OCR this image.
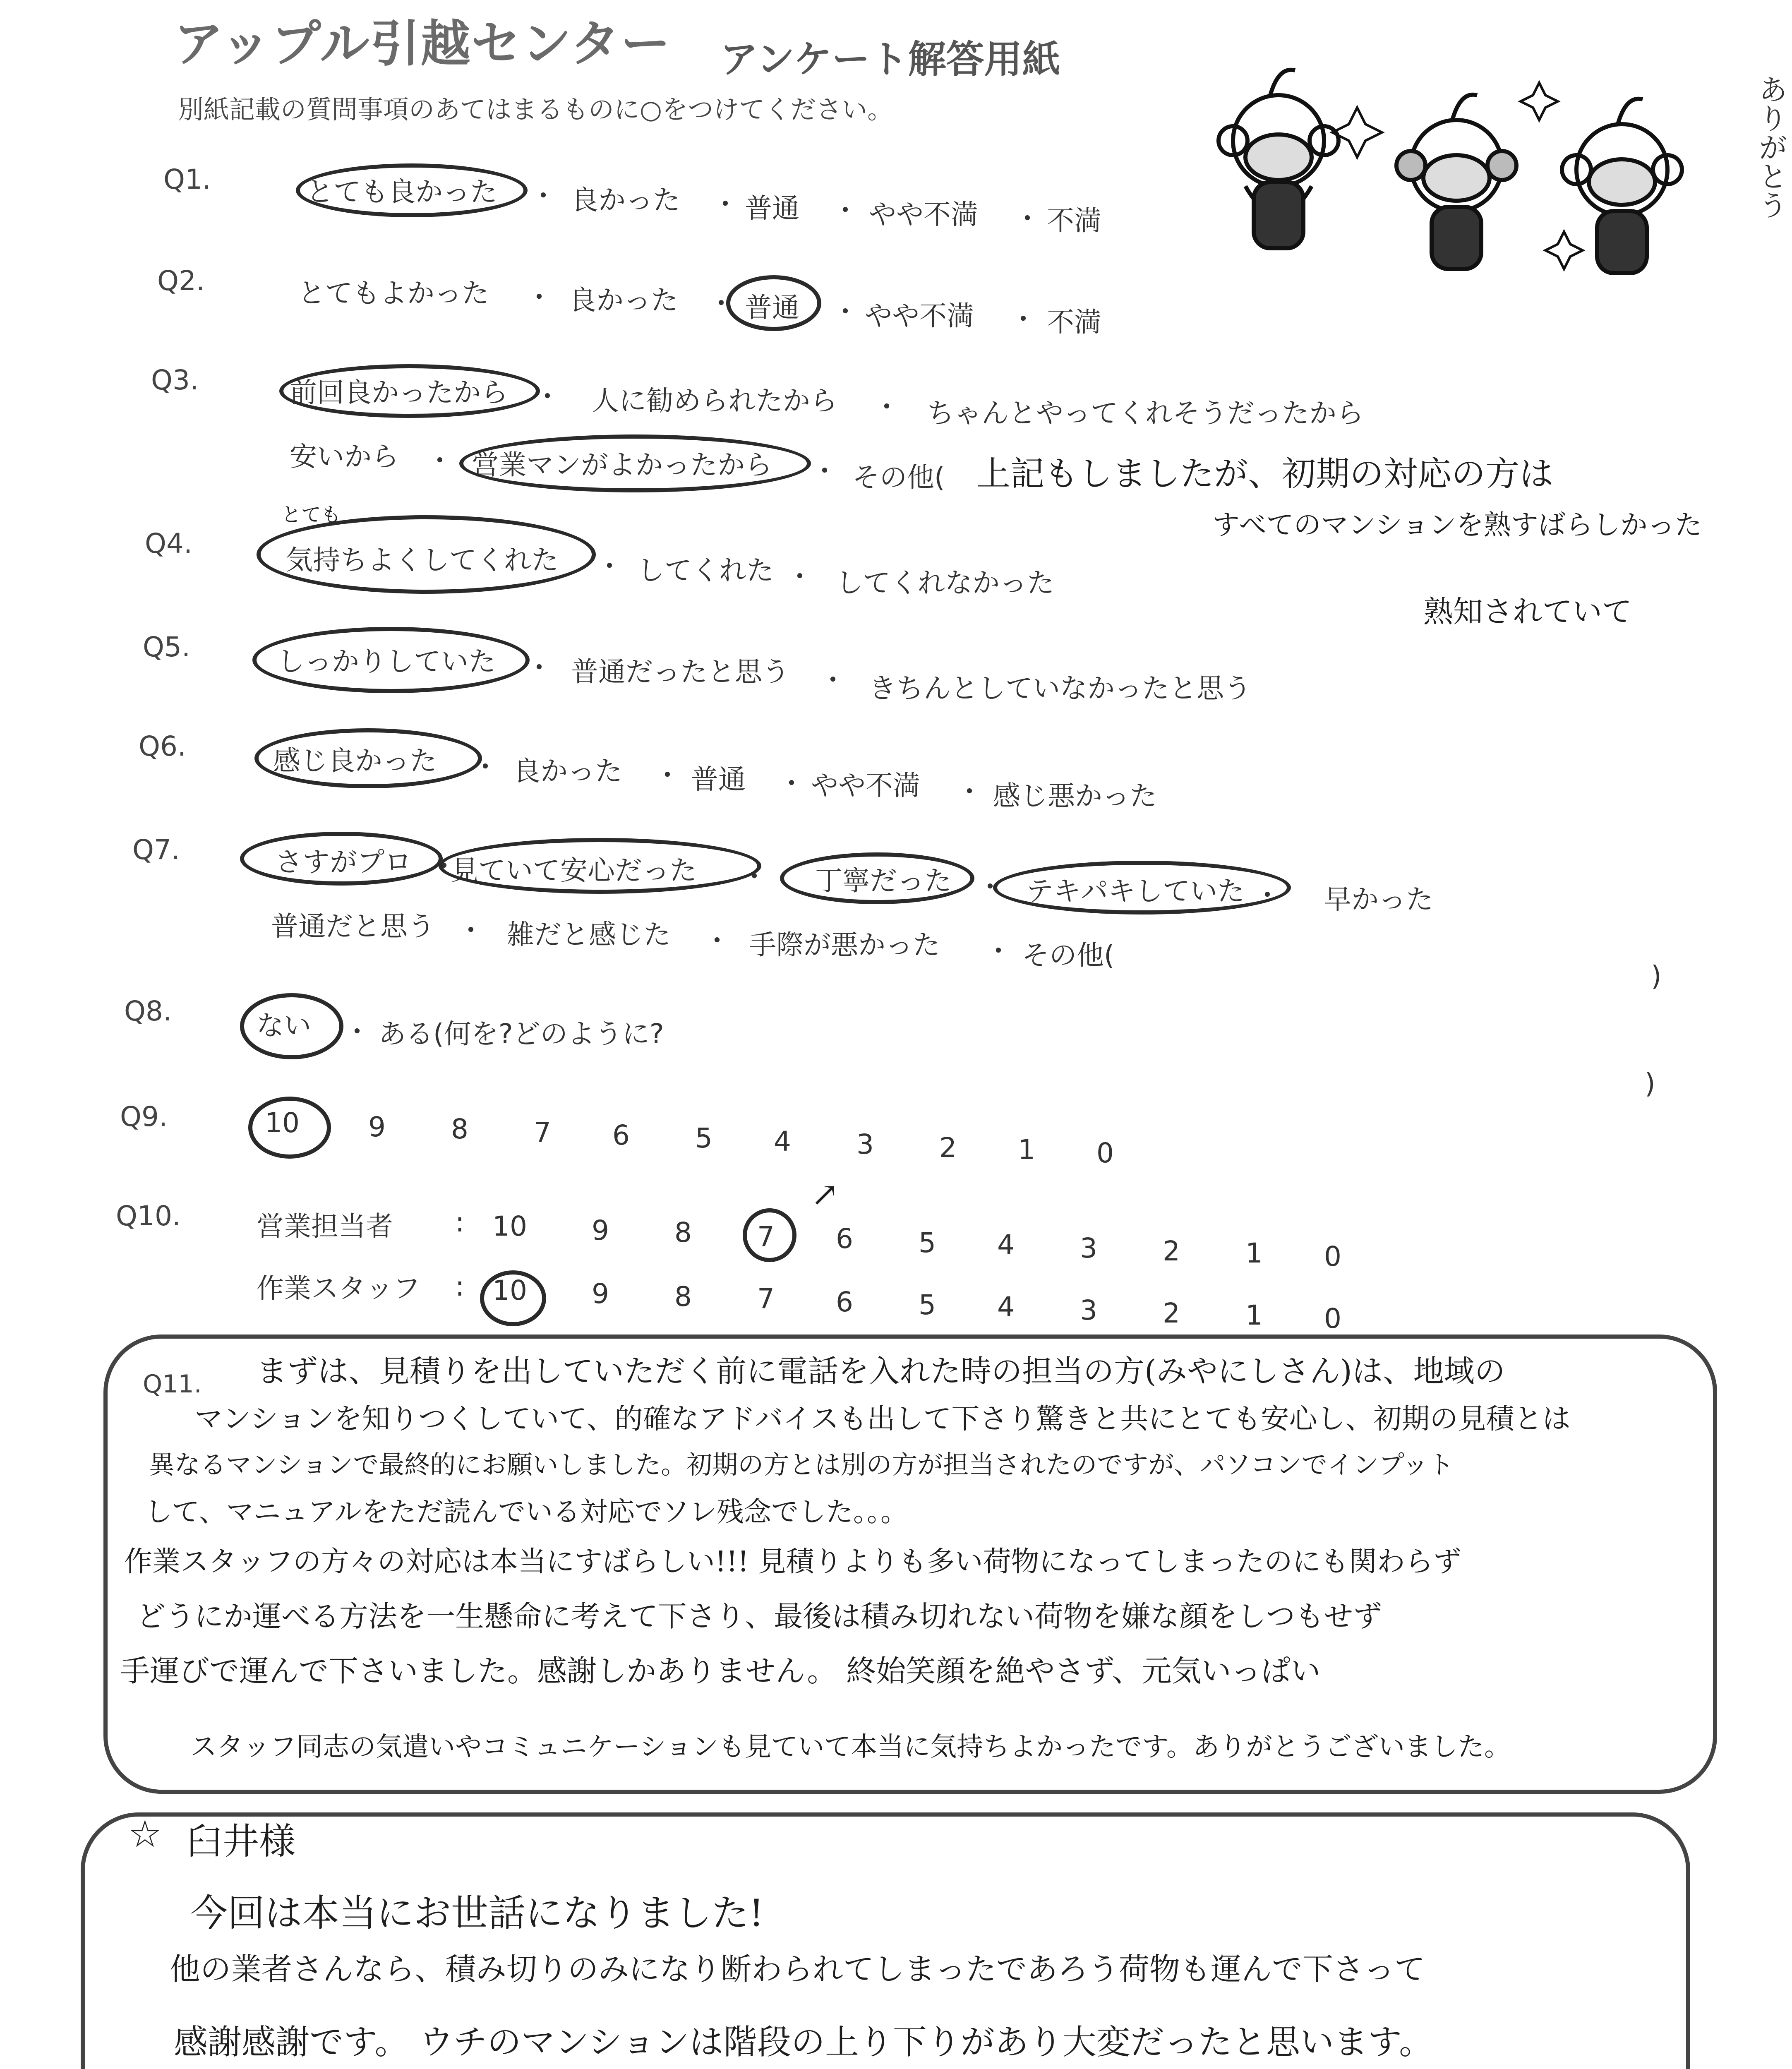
アップル引越センター アンケート解答用紙
別紙記載の質問事項のあてはまるものに○をつけてください。	ありがとう
Q1.	とても良かった ・ 良かった ・ 普通 ・ やや不満 ・ 不満
Q2.	とてもよかった ・ 良かった ・ 普通 ・ やや不満 ・ 不満
Q3.	前回良かったから ・ 人に勧められたから ・ ちゃんとやってくれそうだったから
安いから ・ 営業マンがよかったから ・ その他( 上記もしましたが、初期の対応の方は
すべてのマンションを熟すばらしかった
熟知されていて
Q4.
とても
気持ちよくしてくれた ・ してくれた ・ してくれなかった
Q5.	しっかりしていた ・ 普通だったと思う ・ きちんとしていなかったと思う
Q6.	感じ良かった ・ 良かった ・ 普通 ・ やや不満 ・ 感じ悪かった
Q7.	さすがプロ ・
見ていて安心だった ・ 丁寧だった ・ テキパキしていた ・ 早かった
普通だと思う ・ 雑だと感じた ・ 手際が悪かった ・ その他(
)
Q8.	ない ・ ある(何を?どのように?
)
Q9.	10	9 8 7 6 5 4 3 2 1 0
Q10.	営業担当者 : 10 9 8 7 6 5 4 3 2 1 0
↗
作業スタッフ : 10 9 8 7 6 5 4 3 2 1 0
Q11. まずは、見積りを出していただく前に電話を入れた時の担当の方(みやにしさん)は、地域の
マンションを知りつくしていて、的確なアドバイスも出して下さり驚きと共にとても安心し、初期の見積とは
異なるマンションで最終的にお願いしました。初期の方とは別の方が担当されたのですが、パソコンでインプット
して、マニュアルをただ読んでいる対応でソレ残念でした。。。
作業スタッフの方々の対応は本当にすばらしい!!! 見積りよりも多い荷物になってしまったのにも関わらず
どうにか運べる方法を一生懸命に考えて下さり、最後は積み切れない荷物を嫌な顔をしつもせず
手運びで運んで下さいました。感謝しかありません。 終始笑顔を絶やさず、元気いっぱい
スタッフ同志の気遣いやコミュニケーションも見ていて本当に気持ちよかったです。ありがとうございました。
☆ 臼井様
今回は本当にお世話になりました!
他の業者さんなら、積み切りのみになり断わられてしまったであろう荷物も運んで下さって
感謝感謝です。 ウチのマンションは階段の上り下りがあり大変だったと思います。
